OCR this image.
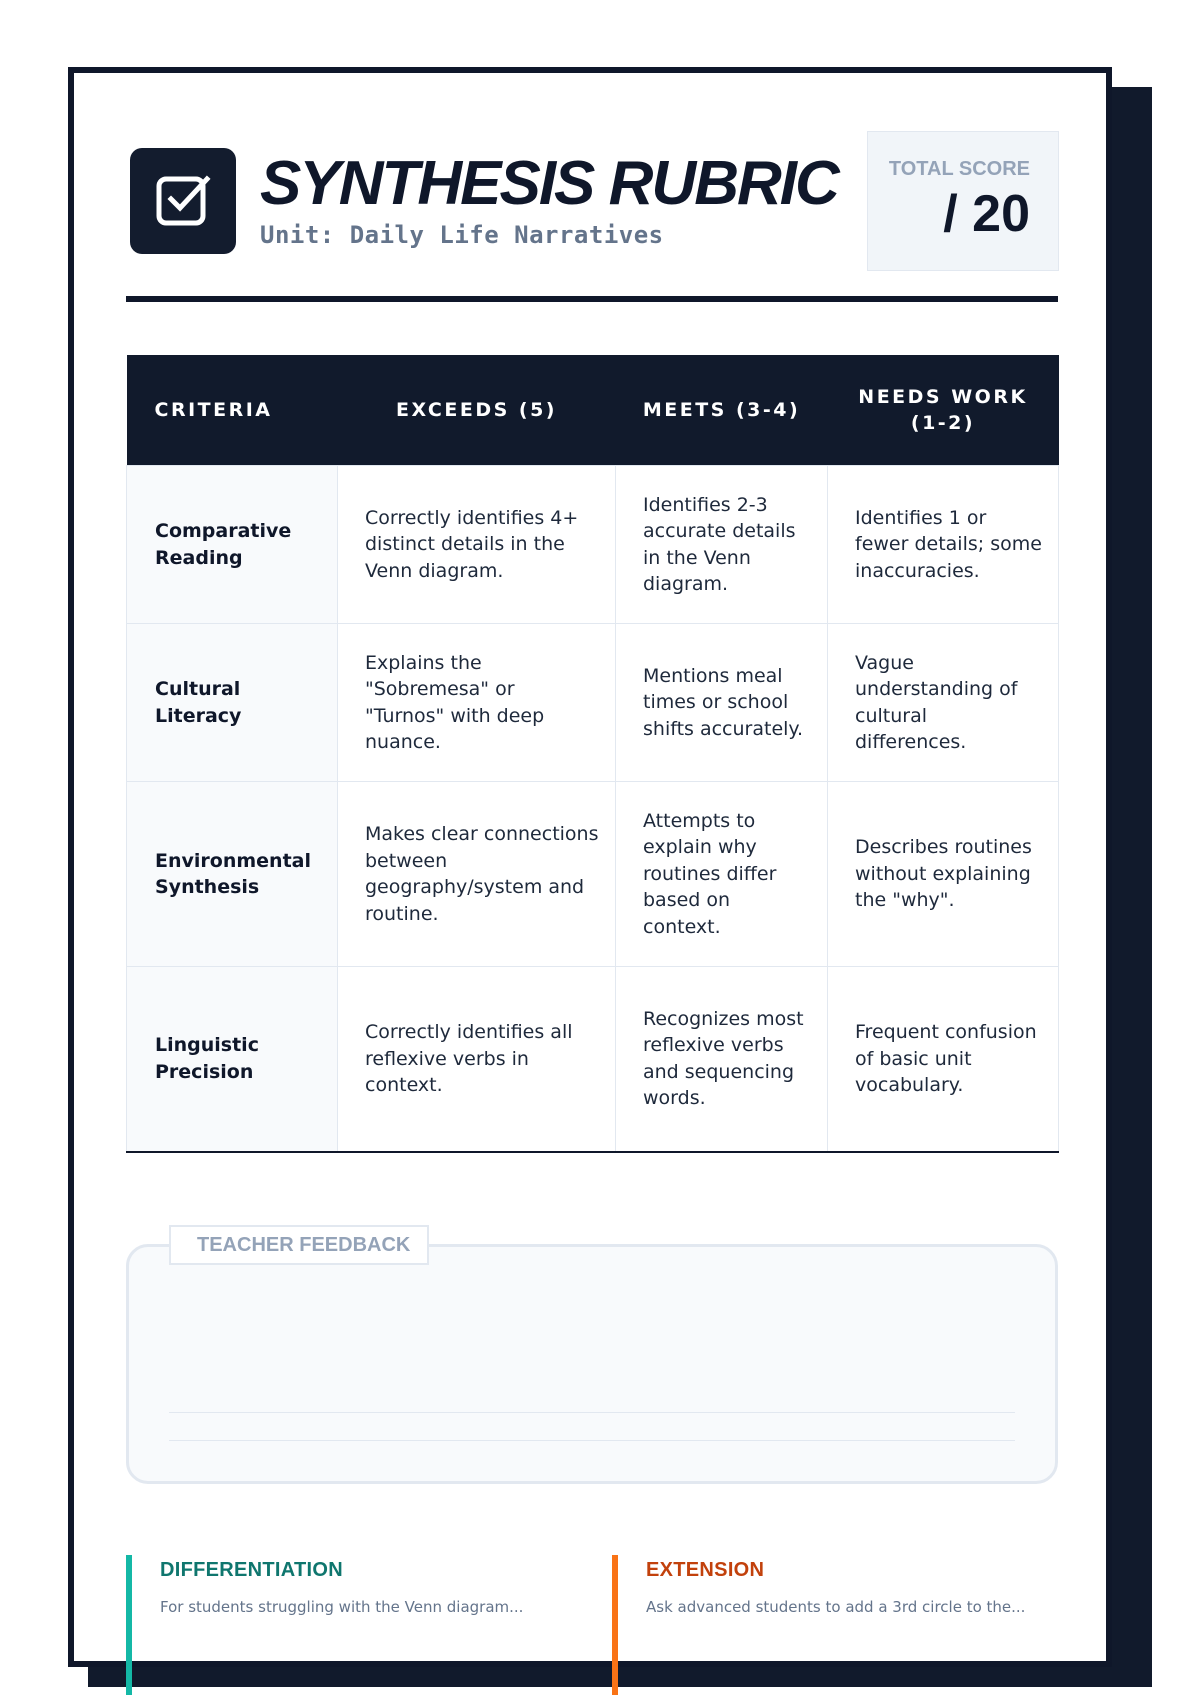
SYNTHESIS RUBRIC
Unit: Daily Life Narratives
TOTAL SCORE
/ 20
CRITERIA	EXCEEDS (5)	MEETS (3-4)	NEEDS WORK (1-2)
Comparative Reading	Correctly identifies 4+ distinct details in the Venn diagram.	Identifies 2-3 accurate details in the Venn diagram.	Identifies 1 or fewer details; some inaccuracies.
Cultural Literacy	Explains the "Sobremesa" or "Turnos" with deep nuance.	Mentions meal times or school shifts accurately.	Vague understanding of cultural differences.
Environmental Synthesis	Makes clear connections between geography/system and routine.	Attempts to explain why routines differ based on context.	Describes routines without explaining the "why".
Linguistic Precision	Correctly identifies all reflexive verbs in context.	Recognizes most reflexive verbs and sequencing words.	Frequent confusion of basic unit vocabulary.
TEACHER FEEDBACK
DIFFERENTIATION
For students struggling with the Venn diagram...
EXTENSION
Ask advanced students to add a 3rd circle to the...
